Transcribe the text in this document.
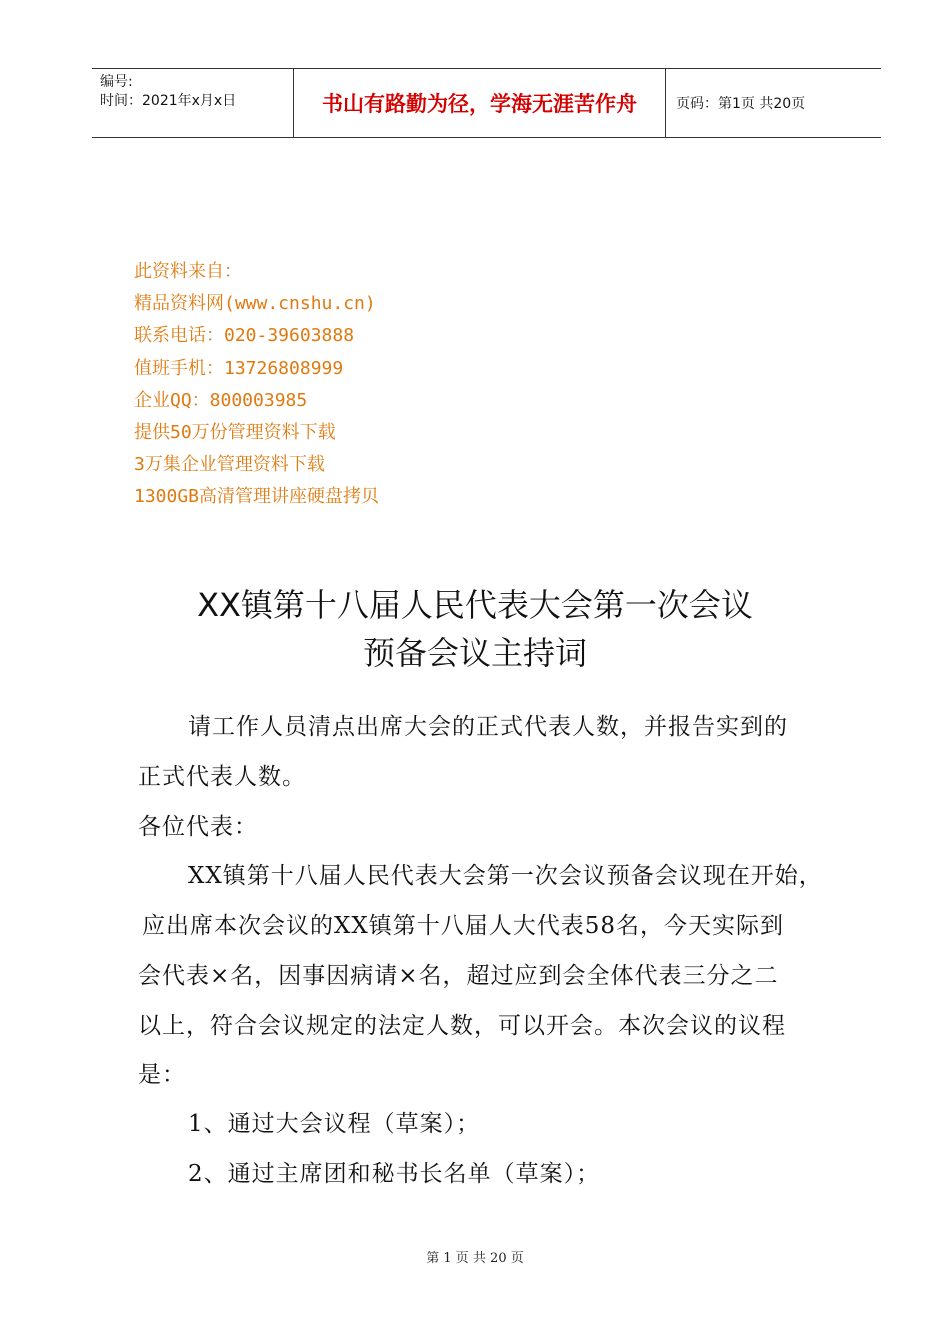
编号:
时间：2021年x月x日	书山有路勤为径，学海无涯苦作舟	页码：第1页 共20页
此资料来自：
精品资料网(www.cnshu.cn)
联系电话：020-39603888
值班手机：13726808999
企业QQ：800003985
提供50万份管理资料下载
3万集企业管理资料下载
1300GB高清管理讲座硬盘拷贝
XX镇第十八届人民代表大会第一次会议
预备会议主持词
请工作人员清点出席大会的正式代表人数，并报告实到的
正式代表人数。
各位代表：
XX镇第十八届人民代表大会第一次会议预备会议现在开始，
应出席本次会议的XX镇第十八届人大代表58名，今天实际到
会代表×名，因事因病请×名，超过应到会全体代表三分之二
以上，符合会议规定的法定人数，可以开会。本次会议的议程
是：
1、通过大会议程（草案）；
2、通过主席团和秘书长名单（草案）；
第 1 页 共 20 页
